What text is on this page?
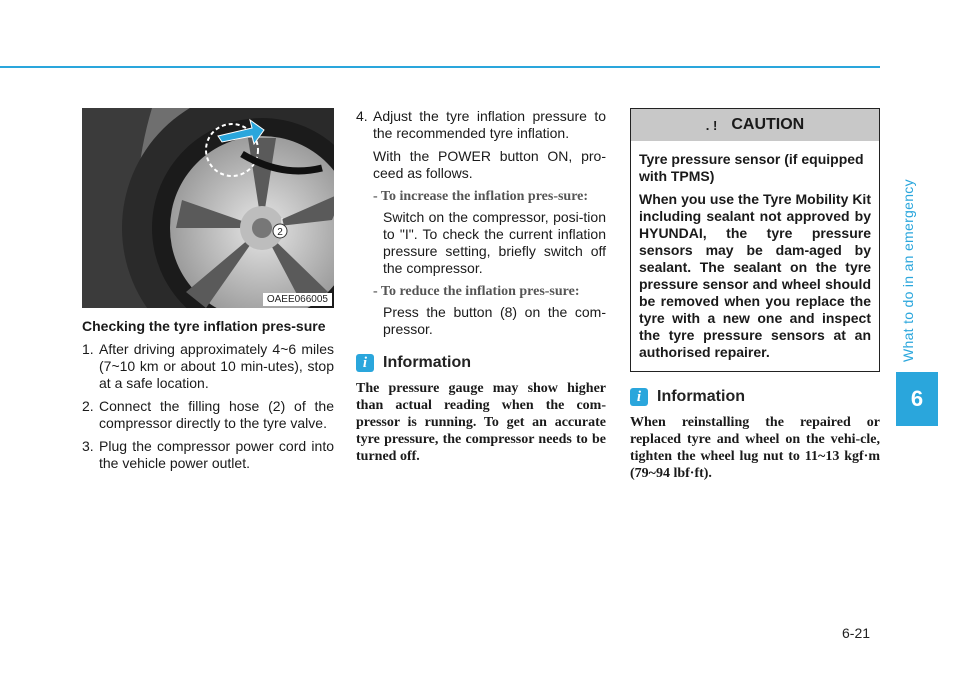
What to do in an emergency
6
2
OAEE066005
Checking the tyre inflation pres-sure
1. After driving approximately 4~6 miles (7~10 km or about 10 min-utes), stop at a safe location.
2. Connect the filling hose (2) of the compressor directly to the tyre valve.
3. Plug the compressor power cord into the vehicle power outlet.
4. Adjust the tyre inflation pressure to the recommended tyre inflation.
With the POWER button ON, pro-ceed as follows.
- To increase the inflation pres-sure:
Switch on the compressor, posi-tion to "I". To check the current inflation pressure setting, briefly switch off the compressor.
- To reduce the inflation pres-sure:
Press the button (8) on the com-pressor.
i Information
The pressure gauge may show higher than actual reading when the com-pressor is running. To get an accurate tyre pressure, the compressor needs to be turned off.
. ! CAUTION
Tyre pressure sensor (if equipped with TPMS)
When you use the Tyre Mobility Kit including sealant not approved by HYUNDAI, the tyre pressure sensors may be dam-aged by sealant. The sealant on the tyre pressure sensor and wheel should be removed when you replace the tyre with a new one and inspect the tyre pressure sensors at an authorised repairer.
i Information
When reinstalling the repaired or replaced tyre and wheel on the vehi-cle, tighten the wheel lug nut to 11~13 kgf·m (79~94 lbf·ft).
6-21
